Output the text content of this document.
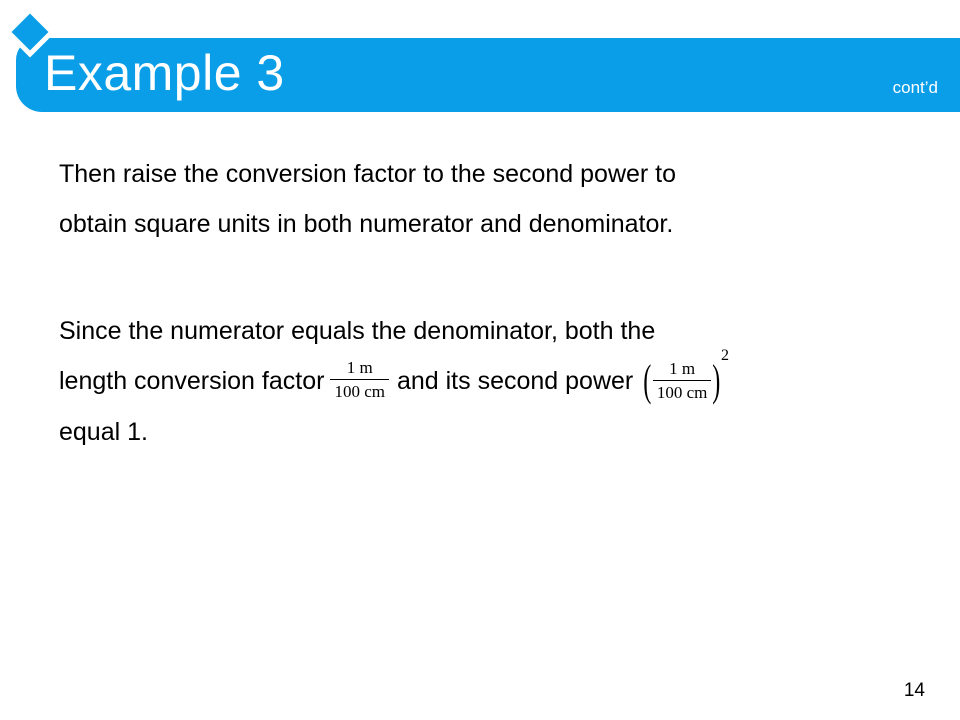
Example 3	cont’d
Then raise the conversion factor to the second power to
obtain square units in both numerator and denominator.
Since the numerator equals the denominator, both the
length conversion factor $\frac{1 m}{100 cm}$ and its second power ( $\frac{1 m}{100 cm} )2$
equal 1.
14
